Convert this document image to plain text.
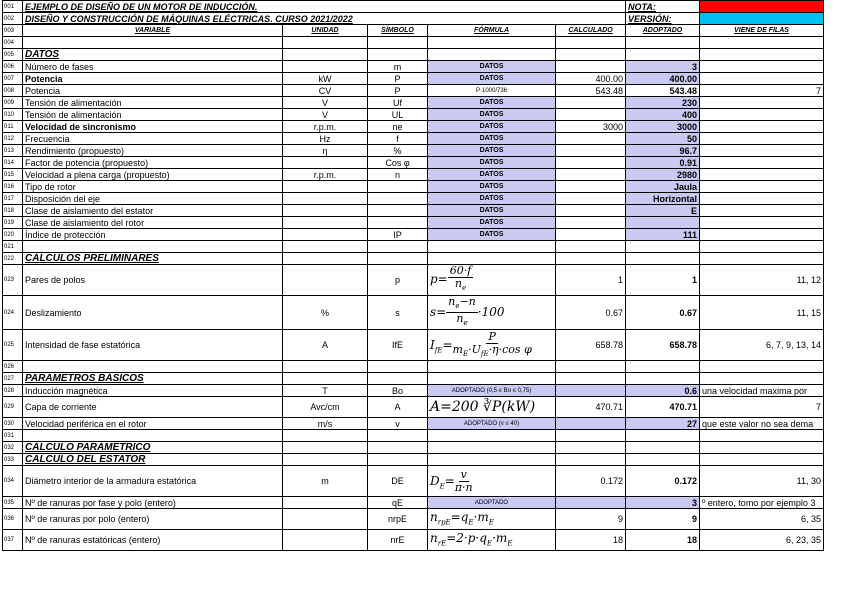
001	EJEMPLO DE DISEÑO DE UN MOTOR DE INDUCCIÓN.					NOTA:	
002	DISEÑO Y CONSTRUCCIÓN DE MÁQUINAS ELÉCTRICAS. CURSO 2021/2022					VERSIÓN:	
003	VARIABLE	UNIDAD	SÍMBOLO	FÓRMULA	CALCULADO	ADOPTADO	VIENE DE FILAS
004							
005	DATOS						
006	Número de fases		m	DATOS		3	
007	Potencia	kW	P	DATOS	400.00	400.00	
008	Potencia	CV	P	P·1000/736	543.48	543.48	7
009	Tensión de alimentación	V	Uf	DATOS		230	
010	Tensión de alimentación	V	UL	DATOS		400	
011	Velocidad de sincronismo	r.p.m.	ne	DATOS	3000	3000	
012	Frecuencia	Hz	f	DATOS		50	
013	Rendimiento (propuesto)	η	%	DATOS		96.7	
014	Factor de potencia (propuesto)		Cos φ	DATOS		0.91	
015	Velocidad a plena carga (propuesto)	r.p.m.	n	DATOS		2980	
016	Tipo de rotor			DATOS		Jaula	
017	Disposición del eje			DATOS		Horizontal	
018	Clase de aislamiento del estator			DATOS		E	
019	Clase de aislamiento del rotor			DATOS			
020	Índice de protección		IP	DATOS		111	
021							
022	CÁLCULOS PRELIMINARES						
023	Pares de polos		p	$p= \frac{60\cdot f}{n_e}$	1	1	11, 12
024	Deslizamiento	%	s	$s= \frac{n_e-n}{n_e} \cdot 100$	0.67	0.67	11, 15
025	Intensidad de fase estatórica	A	IfE	$I_{fE}= \frac{P}{m_E\cdot U_{fE}\cdot\eta\cdot\cos \varphi}$	658.78	658.78	6, 7, 9, 13, 14
026							
027	PARÁMETROS BÁSICOS						
028	Inducción magnética	T	Bo	ADOPTADO (0,5 ≤ Bo ≤ 0,75)		0.6	una velocidad maxima por
029	Capa de corriente	Avc/cm	A	A=200 ∛P(kW)	470.71	470.71	7
030	Velocidad periférica en el rotor	m/s	v	ADOPTADO (v ≤ 40)		27	que este valor no sea dema
031							
032	CÁLCULO PARAMÉTRICO						
033	CÁLCULO DEL ESTATOR						
034	Diámetro interior de la armadura estatórica	m	DE	$D_E= \frac{v}{\pi\cdot n}$	0.172	0.172	11, 30
035	Nº de ranuras por fase y polo (entero)		qE	ADOPTADO		3	º entero, tomo por ejemplo 3
036	Nº de ranuras por polo (entero)		nrpE	$n_{rpE}=q_E\cdot m_E$	9	9	6, 35
037	Nº de ranuras estatóricas (entero)		nrE	$n_{rE}=2\cdot p\cdot q_E\cdot m_E$	18	18	6, 23, 35
